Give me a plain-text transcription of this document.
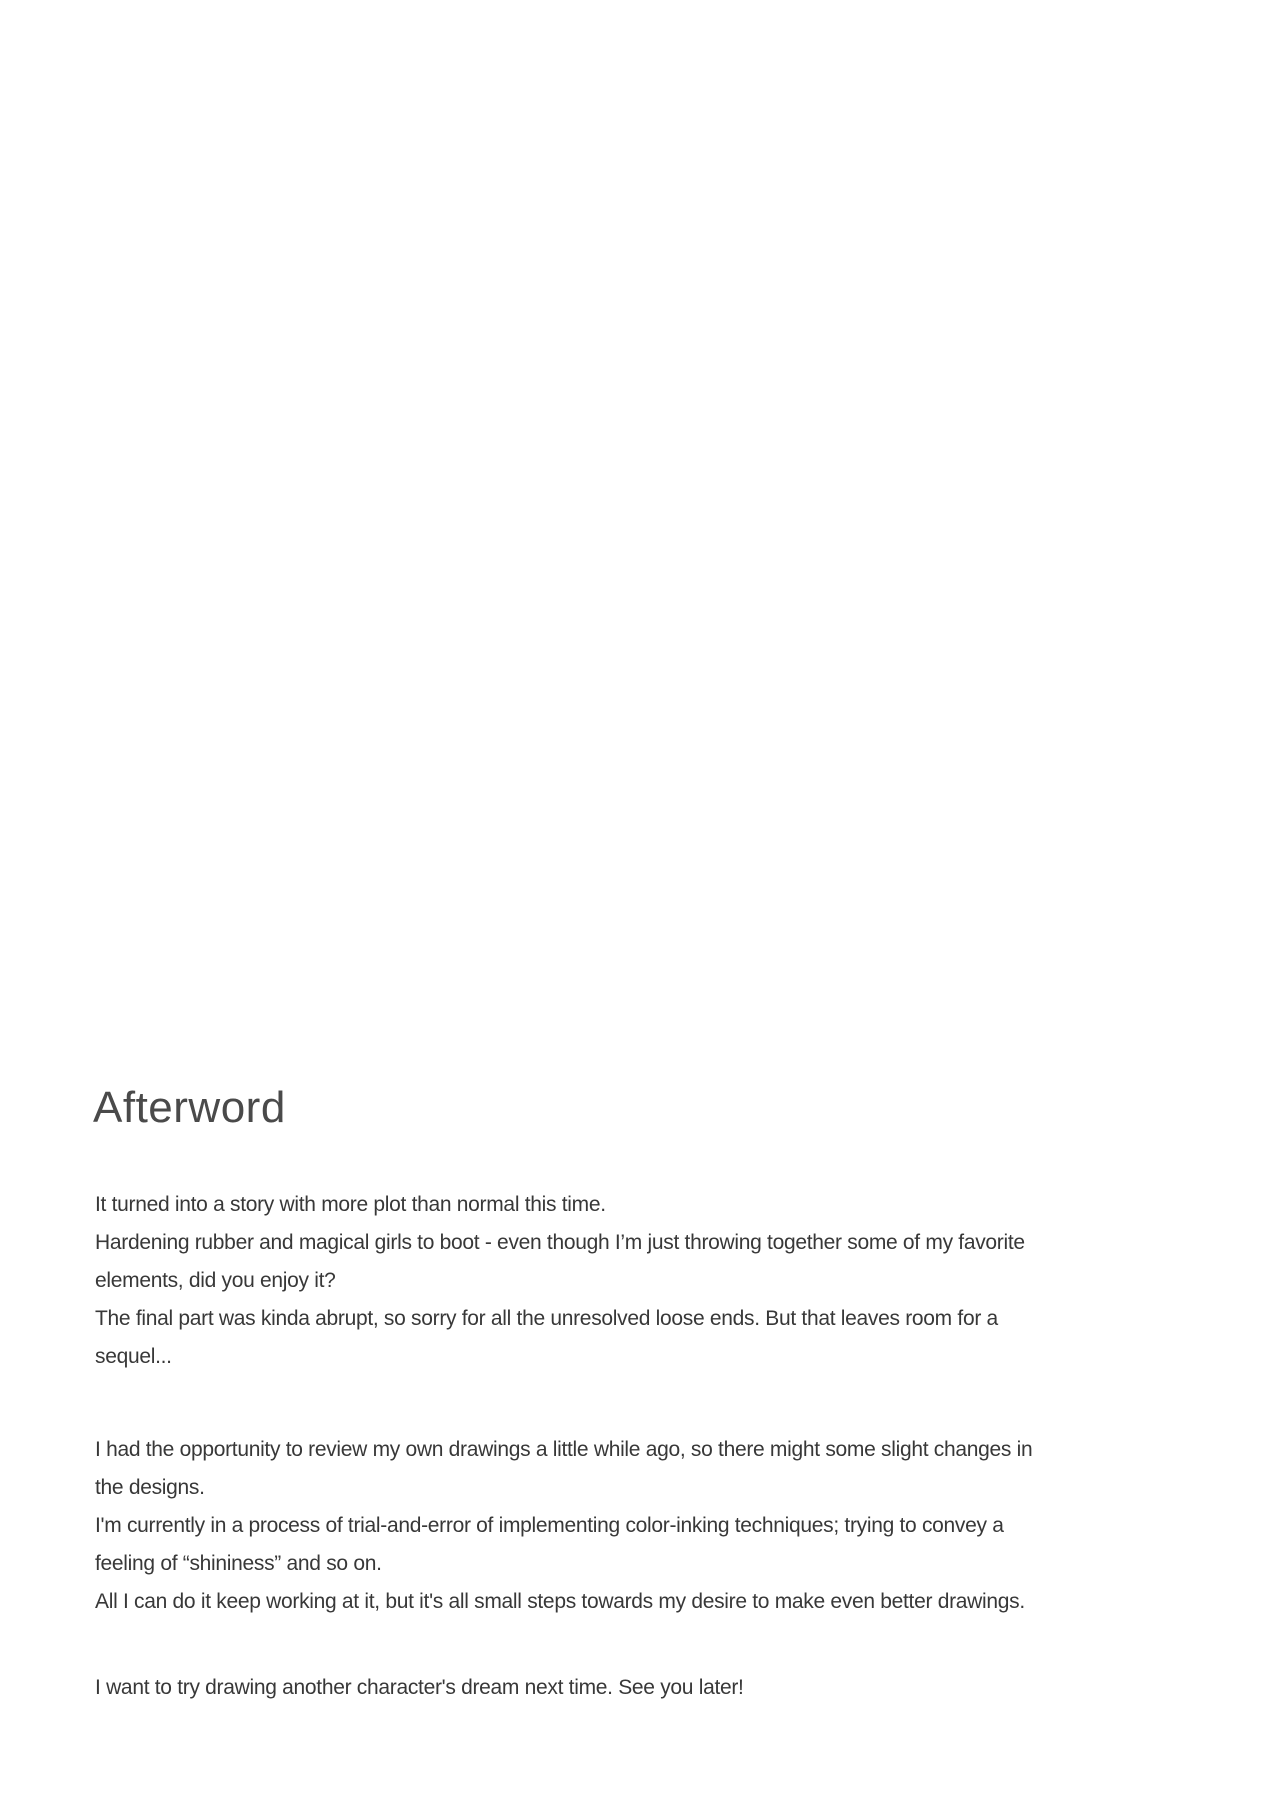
Afterword
It turned into a story with more plot than normal this time.
Hardening rubber and magical girls to boot - even though I’m just throwing together some of my favorite
elements, did you enjoy it?
The final part was kinda abrupt, so sorry for all the unresolved loose ends. But that leaves room for a
sequel...
I had the opportunity to review my own drawings a little while ago, so there might some slight changes in
the designs.
I'm currently in a process of trial-and-error of implementing color-inking techniques; trying to convey a
feeling of “shininess” and so on.
All I can do it keep working at it, but it's all small steps towards my desire to make even better drawings.
I want to try drawing another character's dream next time. See you later!
